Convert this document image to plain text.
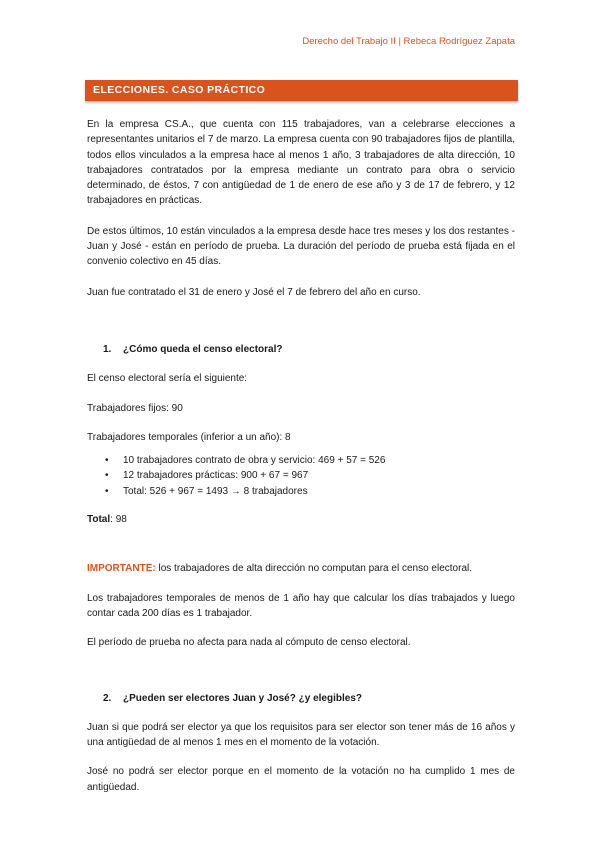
Derecho del Trabajo II | Rebeca Rodríguez Zapata
ELECCIONES. CASO PRÁCTICO

En la empresa CS.A., que cuenta con 115 trabajadores, van a celebrarse elecciones a representantes unitarios el 7 de marzo. La empresa cuenta con 90 trabajadores fijos de plantilla, todos ellos vinculados a la empresa hace al menos 1 año, 3 trabajadores de alta dirección, 10 trabajadores contratados por la empresa mediante un contrato para obra o servicio determinado, de éstos, 7 con antigüedad de 1 de enero de ese año y 3 de 17 de febrero, y 12 trabajadores en prácticas.

De estos últimos, 10 están vinculados a la empresa desde hace tres meses y los dos restantes - Juan y José - están en período de prueba. La duración del período de prueba está fijada en el convenio colectivo en 45 días.

Juan fue contratado el 31 de enero y José el 7 de febrero del año en curso.

1. ¿Cómo queda el censo electoral?

El censo electoral sería el siguiente:

Trabajadores fijos: 90

Trabajadores temporales (inferior a un año): 8

• 10 trabajadores contrato de obra y servicio: 469 + 57 = 526
• 12 trabajadores prácticas: 900 + 67 = 967
• Total: 526 + 967 = 1493 → 8 trabajadores

Total: 98

IMPORTANTE: los trabajadores de alta dirección no computan para el censo electoral.

Los trabajadores temporales de menos de 1 año hay que calcular los días trabajados y luego contar cada 200 días es 1 trabajador.

El período de prueba no afecta para nada al cómputo de censo electoral.

2. ¿Pueden ser electores Juan y José? ¿y elegibles?

Juan si que podrá ser elector ya que los requisitos para ser elector son tener más de 16 años y una antigüedad de al menos 1 mes en el momento de la votación.

José no podrá ser elector porque en el momento de la votación no ha cumplido 1 mes de antigüedad.
